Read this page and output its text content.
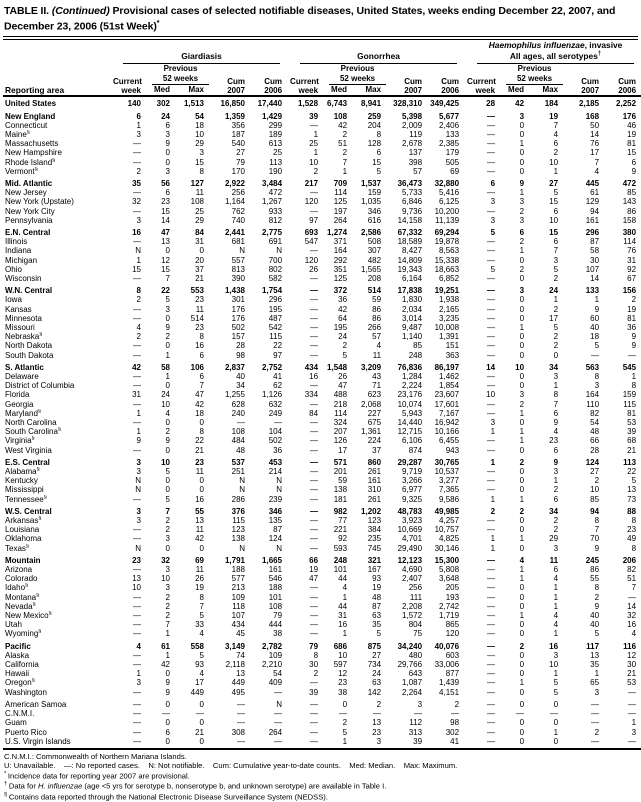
TABLE II. (Continued) Provisional cases of selected notifiable diseases, United States, weeks ending December 22, 2007, and December 23, 2006 (51st Week)*
Reporting area	Giardiasis					Gonorrhea					Haemophilus influenzae, invasive
All ages, all serotypes†

Current
week

Previous
52 weeks	Cum
2007

Cum
2006

Current
week

Previous
52 weeks	Cum
2007

Cum
2006

Current
week

Previous
52 weeks	Cum
2007

Cum
2006

		Med	Max				Med	Max				Med	Max		
United States	140	302	1,513	16,850	17,440	1,528	6,743	8,941	328,310	349,425	28	42	184	2,185	2,252
New England	6	24	54	1,359	1,429	39	108	259	5,398	5,677	—	3	19	168	176
Connecticut	1	6	18	356	299	—	42	204	2,009	2,406	—	0	7	50	46
Maine§	3	3	10	187	189	1	2	8	119	133	—	0	4	14	19
Massachusetts	—	9	29	540	613	25	51	128	2,678	2,385	—	1	6	76	81
New Hampshire	—	0	3	27	25	1	2	6	137	179	—	0	2	17	15
Rhode Island§	—	0	15	79	113	10	7	15	398	505	—	0	10	7	6
Vermont§	2	3	8	170	190	2	1	5	57	69	—	0	1	4	9
Mid. Atlantic	35	56	127	2,922	3,484	217	709	1,537	36,473	32,880	6	9	27	445	472
New Jersey	—	6	11	256	472	—	114	159	5,733	5,416	—	1	5	61	85
New York (Upstate)	32	23	108	1,164	1,267	120	125	1,035	6,846	6,125	3	3	15	129	143
New York City	—	15	25	762	933	—	197	346	9,736	10,200	—	2	6	94	86
Pennsylvania	3	14	29	740	812	97	264	616	14,158	11,139	3	3	10	161	158
E.N. Central	16	47	84	2,441	2,775	693	1,274	2,586	67,332	69,294	5	6	15	296	380
Illinois	—	13	31	681	691	547	371	508	18,589	19,878	—	2	6	87	114
Indiana	N	0	0	N	N	—	164	307	8,427	8,563	—	1	7	58	76
Michigan	1	12	20	557	700	120	292	482	14,809	15,338	—	0	3	30	31
Ohio	15	15	37	813	802	26	351	1,565	19,343	18,663	5	2	5	107	92
Wisconsin	—	7	21	390	582	—	125	208	6,164	6,852	—	0	2	14	67
W.N. Central	8	22	553	1,438	1,754	—	372	514	17,838	19,251	—	3	24	133	156
Iowa	2	5	23	301	296	—	36	59	1,830	1,938	—	0	1	1	2
Kansas	—	3	11	176	195	—	42	86	2,034	2,165	—	0	2	9	19
Minnesota	—	0	514	176	487	—	64	86	3,014	3,235	—	0	17	60	81
Missouri	4	9	23	502	542	—	195	266	9,487	10,008	—	1	5	40	36
Nebraska§	2	2	8	157	115	—	24	57	1,140	1,391	—	0	2	18	9
North Dakota	—	0	16	28	22	—	2	4	85	151	—	0	2	5	9
South Dakota	—	1	6	98	97	—	5	11	248	363	—	0	0	—	—
S. Atlantic	42	58	106	2,837	2,752	434	1,548	3,209	76,836	86,197	14	10	34	563	545
Delaware	—	1	6	40	41	16	26	43	1,284	1,462	—	0	3	8	1
District of Columbia	—	0	7	34	62	—	47	71	2,224	1,854	—	0	1	3	8
Florida	31	24	47	1,255	1,126	334	488	623	23,176	23,607	10	3	8	164	159
Georgia	—	10	42	628	632	—	218	2,068	10,074	17,601	—	2	7	110	115
Maryland§	1	4	18	240	249	84	114	227	5,943	7,167	—	1	6	82	81
North Carolina	—	0	0	—	—	—	324	675	14,440	16,942	3	0	9	54	53
South Carolina§	1	2	8	108	104	—	207	1,361	12,715	10,166	1	1	4	48	39
Virginia§	9	9	22	484	502	—	126	224	6,106	6,455	—	1	23	66	68
West Virginia	—	0	21	48	36	—	17	37	874	943	—	0	6	28	21
E.S. Central	3	10	23	537	453	—	571	860	29,287	30,765	1	2	9	124	113
Alabama§	3	5	11	251	214	—	201	261	9,719	10,537	—	0	3	27	22
Kentucky	N	0	0	N	N	—	59	161	3,266	3,277	—	0	1	2	5
Mississippi	N	0	0	N	N	—	138	310	6,977	7,365	—	0	2	10	13
Tennessee§	—	5	16	286	239	—	181	261	9,325	9,586	1	1	6	85	73
W.S. Central	3	7	55	376	346	—	982	1,202	48,783	49,985	2	2	34	94	88
Arkansas§	3	2	13	115	135	—	77	123	3,923	4,257	—	0	2	8	8
Louisiana	—	2	11	123	87	—	221	384	10,669	10,757	—	0	2	7	23
Oklahoma	—	3	42	138	124	—	92	235	4,701	4,825	1	1	29	70	49
Texas§	N	0	0	N	N	—	593	745	29,490	30,146	1	0	3	9	8
Mountain	23	32	69	1,791	1,665	66	248	321	12,123	15,300	—	4	11	245	206
Arizona	—	3	11	188	161	19	101	167	4,690	5,808	—	1	6	86	82
Colorado	13	10	26	577	546	47	44	93	2,407	3,648	—	1	4	55	51
Idaho§	10	3	19	213	188	—	4	19	256	205	—	0	1	8	7
Montana§	—	2	8	109	101	—	1	48	111	193	—	0	1	2	—
Nevada§	—	2	7	118	108	—	44	87	2,208	2,742	—	0	1	9	14
New Mexico§	—	2	5	107	79	—	31	63	1,572	1,719	—	1	4	40	32
Utah	—	7	33	434	444	—	16	35	804	865	—	0	4	40	16
Wyoming§	—	1	4	45	38	—	1	5	75	120	—	0	1	5	4
Pacific	4	61	558	3,149	2,782	79	686	875	34,240	40,076	—	2	16	117	116
Alaska	—	1	5	74	109	8	10	27	480	603	—	0	3	13	12
California	—	42	93	2,118	2,210	30	597	734	29,766	33,006	—	0	10	35	30
Hawaii	1	0	4	13	54	2	12	24	643	877	—	0	1	1	21
Oregon§	3	9	17	449	409	—	23	63	1,087	1,439	—	1	5	65	53
Washington	—	9	449	495	—	39	38	142	2,264	4,151	—	0	5	3	—
American Samoa	—	0	0	—	N	—	0	2	3	2	—	0	0	—	—
C.N.M.I.	—	—	—	—	—	—	—	—	—	—	—	—	—	—	—
Guam	—	0	0	—	—	—	2	13	112	98	—	0	0	—	1
Puerto Rico	—	6	21	308	264	—	5	23	313	302	—	0	1	2	3
U.S. Virgin Islands	—	0	0	—	—	—	1	3	39	41	—	0	0	—	—
C.N.M.I.: Commonwealth of Northern Mariana Islands.
U: Unavailable.    —: No reported cases.    N: Not notifiable.    Cum: Cumulative year-to-date counts.    Med: Median.    Max: Maximum.
* Incidence data for reporting year 2007 are provisional.
† Data for H. influenzae (age <5 yrs for serotype b, nonserotype b, and unknown serotype) are available in Table I.
§ Contains data reported through the National Electronic Disease Surveillance System (NEDSS).
